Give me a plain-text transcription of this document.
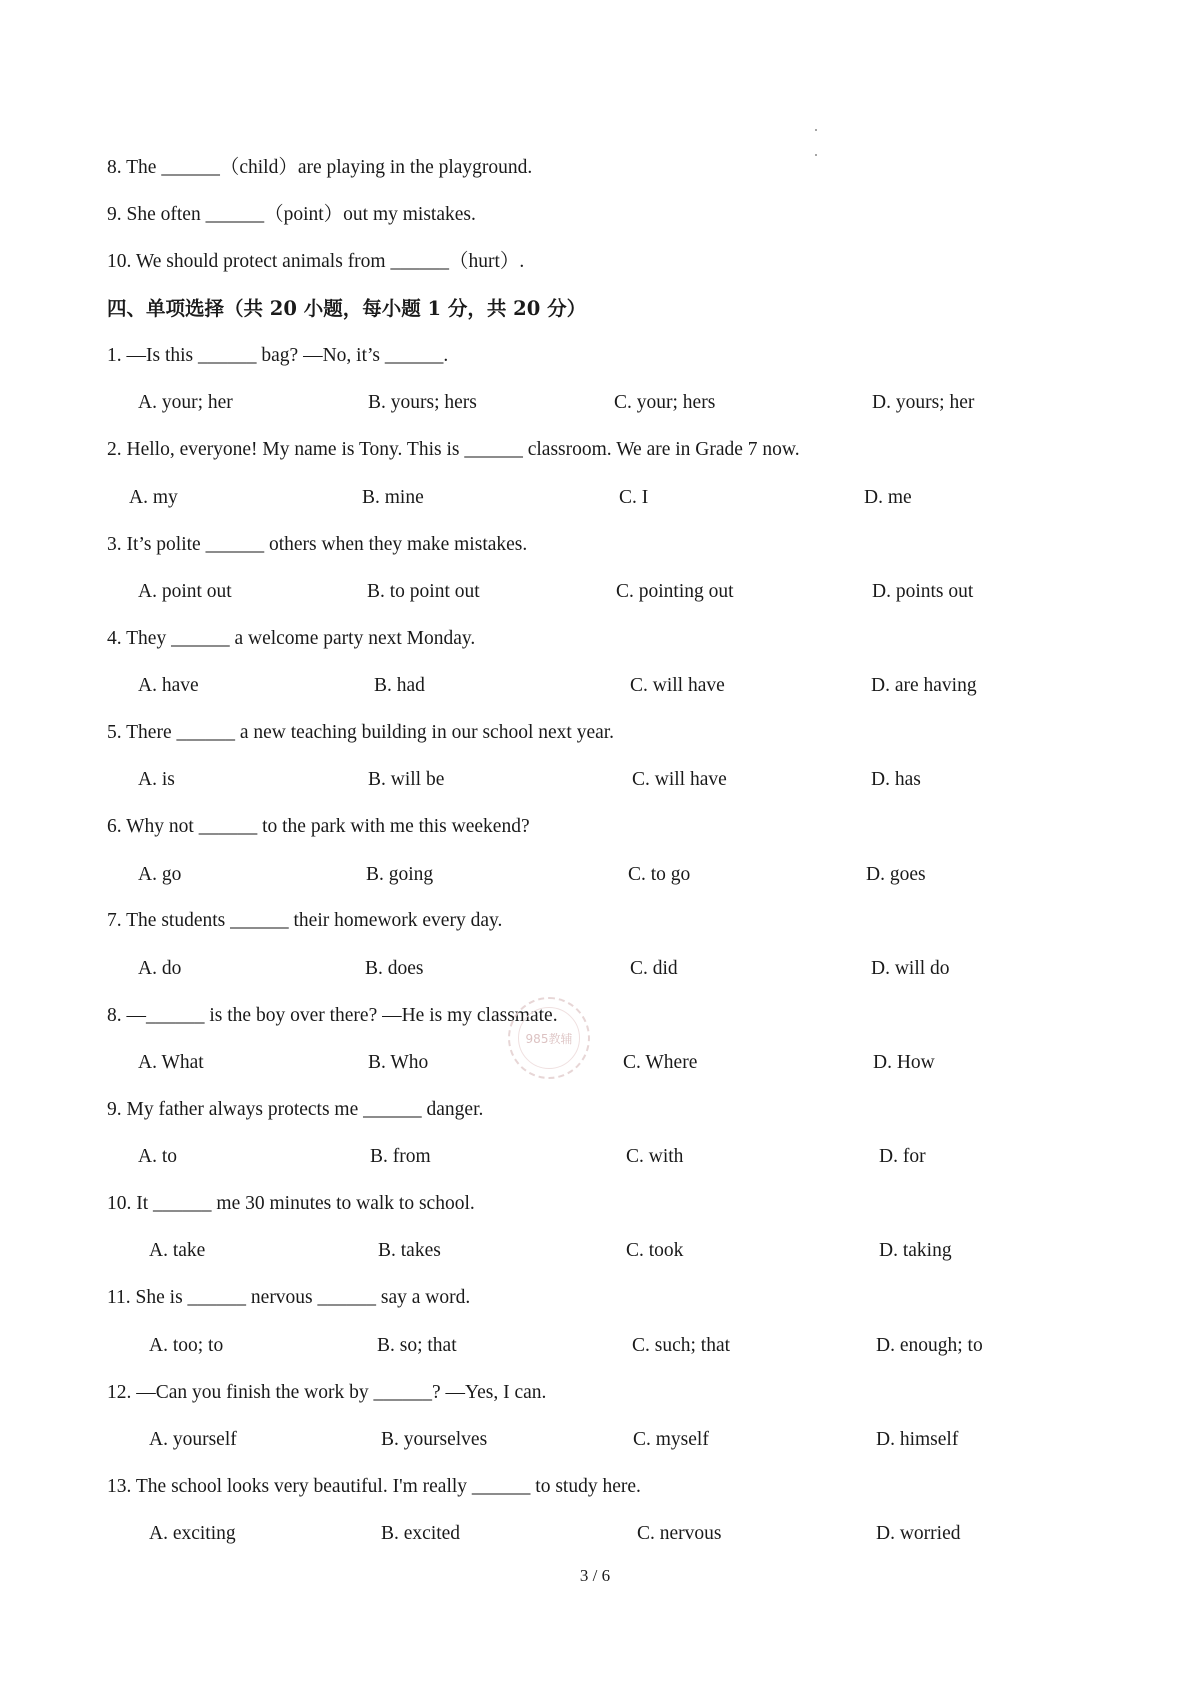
8. The ______（child）are playing in the playground.
9. She often ______（point）out my mistakes.
10. We should protect animals from ______（hurt）.
四、单项选择（共 20 小题，每小题 1 分，共 20 分）
1. —Is this ______ bag? —No, it’s ______.
A. your; her	B. yours; hers	C. your; hers	D. yours; her
2. Hello, everyone! My name is Tony. This is ______ classroom. We are in Grade 7 now.
A. my	B. mine	C. I	D. me
3. It’s polite ______ others when they make mistakes.
A. point out	B. to point out	C. pointing out	D. points out
4. They ______ a welcome party next Monday.
A. have	B. had	C. will have	D. are having
5. There ______ a new teaching building in our school next year.
A. is	B. will be	C. will have	D. has
6. Why not ______ to the park with me this weekend?
A. go	B. going	C. to go	D. goes
7. The students ______ their homework every day.
A. do	B. does	C. did	D. will do
8. —______ is the boy over there? —He is my classmate.
A. What	B. Who	C. Where	D. How
9. My father always protects me ______ danger.
A. to	B. from	C. with	D. for
10. It ______ me 30 minutes to walk to school.
A. take	B. takes	C. took	D. taking
11. She is ______ nervous ______ say a word.
A. too; to	B. so; that	C. such; that	D. enough; to
12. —Can you finish the work by ______? —Yes, I can.
A. yourself	B. yourselves	C. myself	D. himself
13. The school looks very beautiful. I'm really ______ to study here.
A. exciting	B. excited	C. nervous	D. worried
985教辅
3 / 6
